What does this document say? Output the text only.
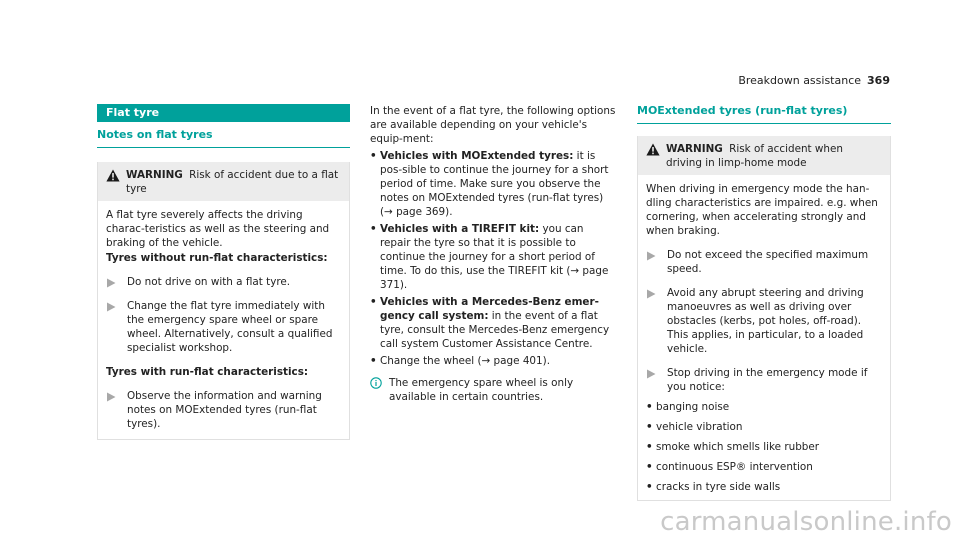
Breakdown assistance 369
Flat tyre
Notes on flat tyres
WARNING Risk of accident due to a flat tyre
A flat tyre severely affects the driving charac-teristics as well as the steering and braking of the vehicle.
Tyres without run-flat characteristics:
Do not drive on with a flat tyre.
Change the flat tyre immediately with the emergency spare wheel or spare wheel. Alternatively, consult a qualified specialist workshop.
Tyres with run-flat characteristics:
Observe the information and warning notes on MOExtended tyres (run-flat tyres).
In the event of a flat tyre, the following options are available depending on your vehicle's equip-ment:
• Vehicles with MOExtended tyres: it is pos-sible to continue the journey for a short period of time. Make sure you observe the notes on MOExtended tyres (run-flat tyres) (→ page 369).
• Vehicles with a TIREFIT kit: you can repair the tyre so that it is possible to continue the journey for a short period of time. To do this, use the TIREFIT kit (→ page 371).
• Vehicles with a Mercedes-Benz emer-gency call system: in the event of a flat tyre, consult the Mercedes-Benz emergency call system Customer Assistance Centre.
• Change the wheel (→ page 401).
The emergency spare wheel is only available in certain countries.
MOExtended tyres (run-flat tyres)
WARNING Risk of accident when driving in limp-home mode
When driving in emergency mode the han-dling characteristics are impaired. e.g. when cornering, when accelerating strongly and when braking.
Do not exceed the specified maximum speed.
Avoid any abrupt steering and driving manoeuvres as well as driving over obstacles (kerbs, pot holes, off-road). This applies, in particular, to a loaded vehicle.
Stop driving in the emergency mode if you notice:
• banging noise
• vehicle vibration
• smoke which smells like rubber
• continuous ESP® intervention
• cracks in tyre side walls
carmanualsonline.info
